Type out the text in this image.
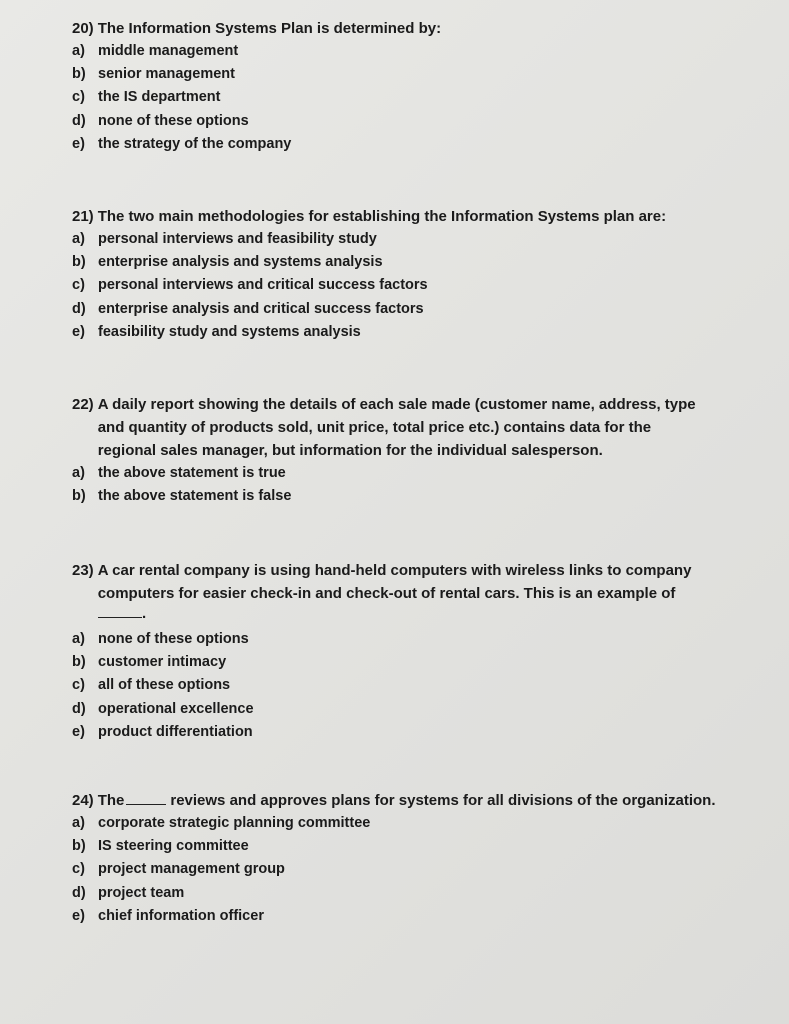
20) The Information Systems Plan is determined by:
a) middle management
b) senior management
c) the IS department
d) none of these options
e) the strategy of the company
21) The two main methodologies for establishing the Information Systems plan are:
a) personal interviews and feasibility study
b) enterprise analysis and systems analysis
c) personal interviews and critical success factors
d) enterprise analysis and critical success factors
e) feasibility study and systems analysis
22) A daily report showing the details of each sale made (customer name, address, type and quantity of products sold, unit price, total price etc.) contains data for the regional sales manager, but information for the individual salesperson.
a) the above statement is true
b) the above statement is false
23) A car rental company is using hand-held computers with wireless links to company computers for easier check-in and check-out of rental cars. This is an example of
.
a) none of these options
b) customer intimacy
c) all of these options
d) operational excellence
e) product differentiation
24) The	reviews and approves plans for systems for all divisions of the organization.
a) corporate strategic planning committee
b) IS steering committee
c) project management group
d) project team
e) chief information officer
